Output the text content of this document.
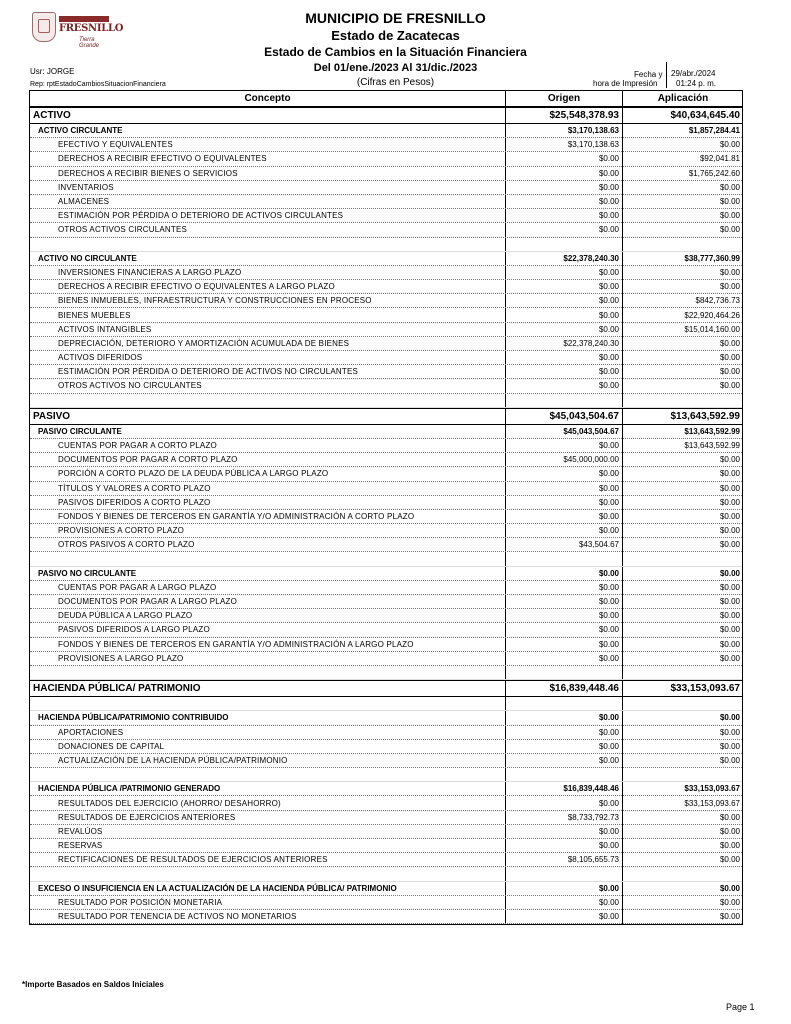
FRESNILLO
Tierra Grande
MUNICIPIO DE FRESNILLO
Estado de Zacatecas
Estado de Cambios en la Situación Financiera
Del 01/ene./2023 Al 31/dic./2023
(Cifras en Pesos)
Usr: JORGE
Rep: rptEstadoCambiosSituacionFinanciera
Fecha y 29/abr./2024
hora de Impresión 01:24 p. m.
Concepto	Origen	Aplicación
ACTIVO	$25,548,378.93	$40,634,645.40
ACTIVO CIRCULANTE	$3,170,138.63	$1,857,284.41
EFECTIVO Y EQUIVALENTES	$3,170,138.63	$0.00
DERECHOS A RECIBIR EFECTIVO O EQUIVALENTES	$0.00	$92,041.81
DERECHOS A RECIBIR BIENES O SERVICIOS	$0.00	$1,765,242.60
INVENTARIOS	$0.00	$0.00
ALMACENES	$0.00	$0.00
ESTIMACIÓN POR PÉRDIDA O DETERIORO DE ACTIVOS CIRCULANTES	$0.00	$0.00
OTROS ACTIVOS CIRCULANTES	$0.00	$0.00
ACTIVO NO CIRCULANTE	$22,378,240.30	$38,777,360.99
INVERSIONES FINANCIERAS A LARGO PLAZO	$0.00	$0.00
DERECHOS A RECIBIR EFECTIVO O EQUIVALENTES A LARGO PLAZO	$0.00	$0.00
BIENES INMUEBLES, INFRAESTRUCTURA Y CONSTRUCCIONES EN PROCESO	$0.00	$842,736.73
BIENES MUEBLES	$0.00	$22,920,464.26
ACTIVOS INTANGIBLES	$0.00	$15,014,160.00
DEPRECIACIÓN, DETERIORO Y AMORTIZACIÓN ACUMULADA DE BIENES	$22,378,240.30	$0.00
ACTIVOS DIFERIDOS	$0.00	$0.00
ESTIMACIÓN POR PÉRDIDA O DETERIORO DE ACTIVOS NO CIRCULANTES	$0.00	$0.00
OTROS ACTIVOS NO CIRCULANTES	$0.00	$0.00
PASIVO	$45,043,504.67	$13,643,592.99
PASIVO CIRCULANTE	$45,043,504.67	$13,643,592.99
CUENTAS POR PAGAR A CORTO PLAZO	$0.00	$13,643,592.99
DOCUMENTOS POR PAGAR A CORTO PLAZO	$45,000,000.00	$0.00
PORCIÓN A CORTO PLAZO DE LA DEUDA PÚBLICA A LARGO PLAZO	$0.00	$0.00
TÍTULOS Y VALORES A CORTO PLAZO	$0.00	$0.00
PASIVOS DIFERIDOS A CORTO PLAZO	$0.00	$0.00
FONDOS Y BIENES DE TERCEROS EN GARANTÍA Y/O ADMINISTRACIÓN A CORTO PLAZO	$0.00	$0.00
PROVISIONES A CORTO PLAZO	$0.00	$0.00
OTROS PASIVOS A CORTO PLAZO	$43,504.67	$0.00
PASIVO NO CIRCULANTE	$0.00	$0.00
CUENTAS POR PAGAR A LARGO PLAZO	$0.00	$0.00
DOCUMENTOS POR PAGAR A LARGO PLAZO	$0.00	$0.00
DEUDA PÚBLICA A LARGO PLAZO	$0.00	$0.00
PASIVOS DIFERIDOS A LARGO PLAZO	$0.00	$0.00
FONDOS Y BIENES DE TERCEROS EN GARANTÍA Y/O ADMINISTRACIÓN A LARGO PLAZO	$0.00	$0.00
PROVISIONES A LARGO PLAZO	$0.00	$0.00
HACIENDA PÚBLICA/ PATRIMONIO	$16,839,448.46	$33,153,093.67
HACIENDA PÚBLICA/PATRIMONIO CONTRIBUIDO	$0.00	$0.00
APORTACIONES	$0.00	$0.00
DONACIONES DE CAPITAL	$0.00	$0.00
ACTUALIZACIÓN DE LA HACIENDA PÚBLICA/PATRIMONIO	$0.00	$0.00
HACIENDA PÚBLICA /PATRIMONIO GENERADO	$16,839,448.46	$33,153,093.67
RESULTADOS DEL EJERCICIO (AHORRO/ DESAHORRO)	$0.00	$33,153,093.67
RESULTADOS DE EJERCICIOS ANTERIORES	$8,733,792.73	$0.00
REVALÚOS	$0.00	$0.00
RESERVAS	$0.00	$0.00
RECTIFICACIONES DE RESULTADOS DE EJERCICIOS ANTERIORES	$8,105,655.73	$0.00
EXCESO O INSUFICIENCIA EN LA ACTUALIZACIÓN DE LA HACIENDA PÚBLICA/ PATRIMONIO	$0.00	$0.00
RESULTADO POR POSICIÓN MONETARIA	$0.00	$0.00
RESULTADO POR TENENCIA DE ACTIVOS NO MONETARIOS	$0.00	$0.00
*Importe Basados en Saldos Iniciales
Page 1
